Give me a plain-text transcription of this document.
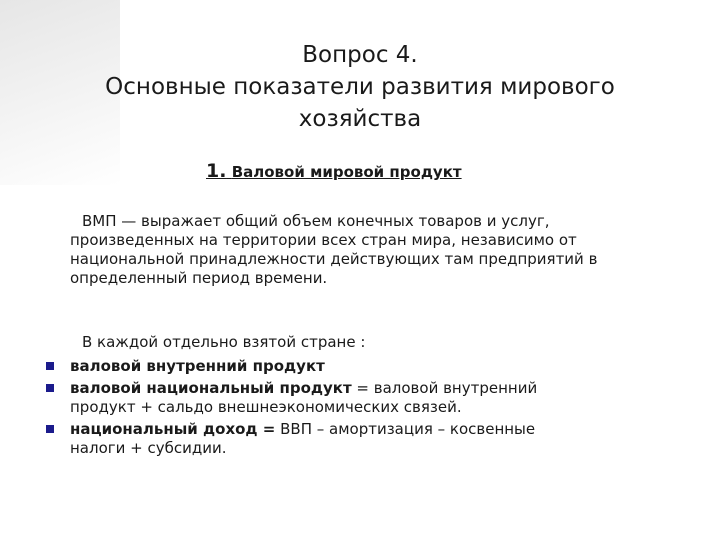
Вопрос 4.
Основные показатели развития мирового
хозяйства
1. Валовой мировой продукт
ВМП — выражает общий объем конечных товаров и услуг,
произведенных на территории всех стран мира, независимо от
национальной принадлежности действующих там предприятий в
определенный период времени.
В каждой отдельно взятой стране :
валовой внутренний продукт
валовой национальный продукт = валовой внутренний
продукт + сальдо внешнеэкономических связей.
национальный доход = ВВП – амортизация – косвенные
налоги + субсидии.
